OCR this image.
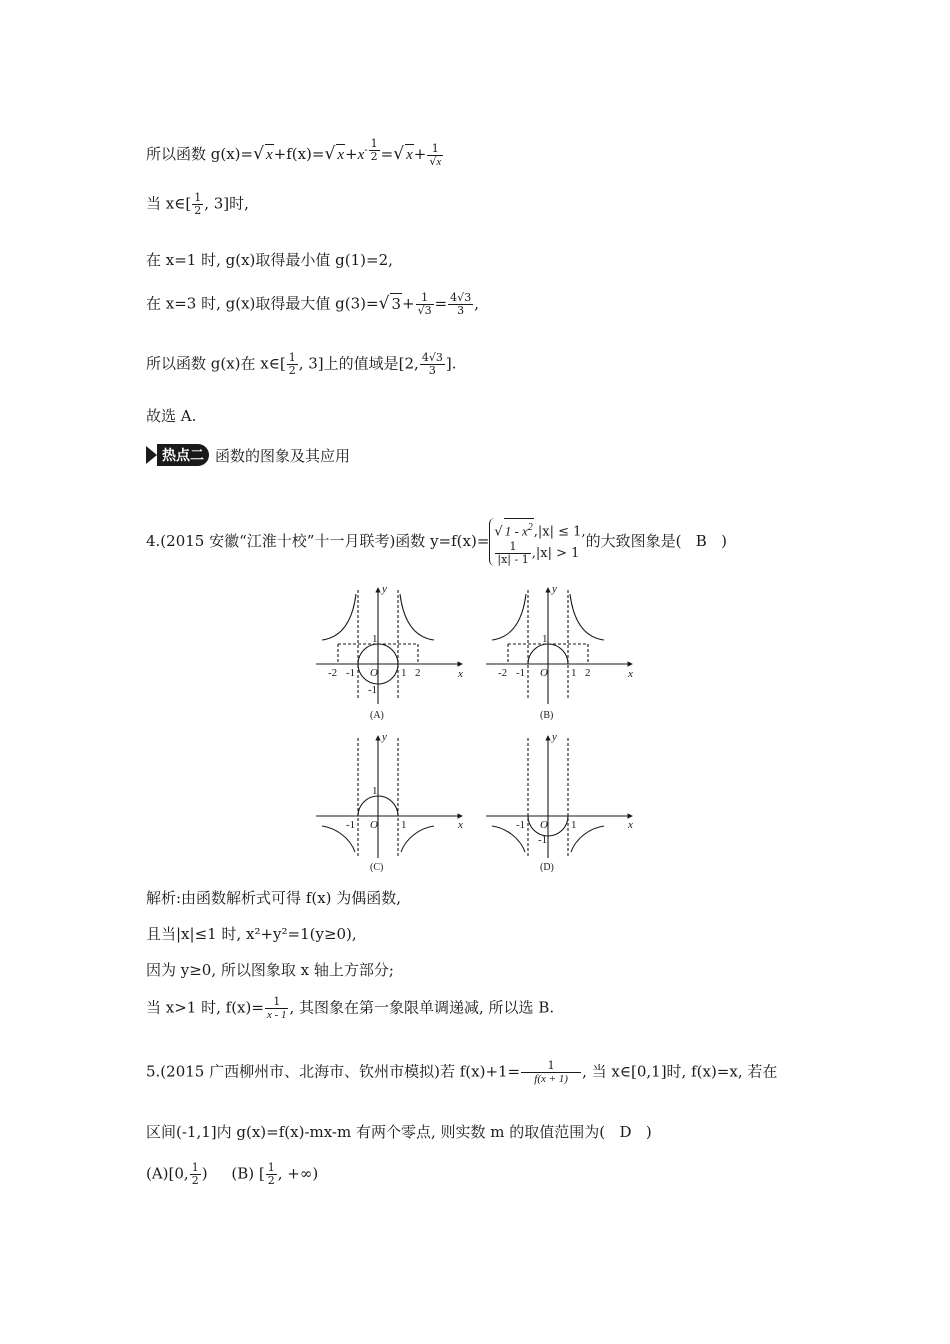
所以函数 g(x)=√ x+f(x)=√ $x+x^{- \frac{1}{2}}$ =√ $x+ \frac{1}{√x}$
当 x∈[ $\frac{1}{2}$ , 3]时,
在 x=1 时, g(x)取得最小值 g(1)=2,
在 x=3 时, g(x)取得最大值 g(3)=√ $3+ \frac{1}{√3} = \frac{4√3}{3}$ ,
所以函数 g(x)在 x∈[ $\frac{1}{2}$ , 3]上的值域是[2, $\frac{4√3}{3}$ ].
故选 A.
热点二 函数的图象及其应用
4.(2015 安徽“江淮十校”十一月联考)函数 y=f(x)=
√ $1 - x^2,|x| \le 1$,
$\frac{1}{|x| - 1} ,|x| > 1$
的大致图象是( B )
x
y
O
1
1 2
-1
-2
-1
(A)
x
y
O
1
1 2
-1
-2
(B)
x
y
O
1
1
-1
(C)
x
y
O 1
-1
-1
(D)
解析:由函数解析式可得 f(x) 为偶函数,
且当|x|≤1 时, x²+y²=1(y≥0),
因为 y≥0, 所以图象取 x 轴上方部分;
当 x>1 时, $f(x)= \frac{1}{x - 1}$ , 其图象在第一象限单调递减, 所以选 B.
5.(2015 广西柳州市、北海市、钦州市模拟)若 $f(x)+1= \frac{1}{f(x + 1)}$ , 当 x∈[0,1]时, f(x)=x, 若在
区间(-1,1]内 g(x)=f(x)-mx-m 有两个零点, 则实数 m 的取值范围为( D )
(A)[0, $\frac{1}{2}$ ) (B) [ $\frac{1}{2}$ , +∞)
